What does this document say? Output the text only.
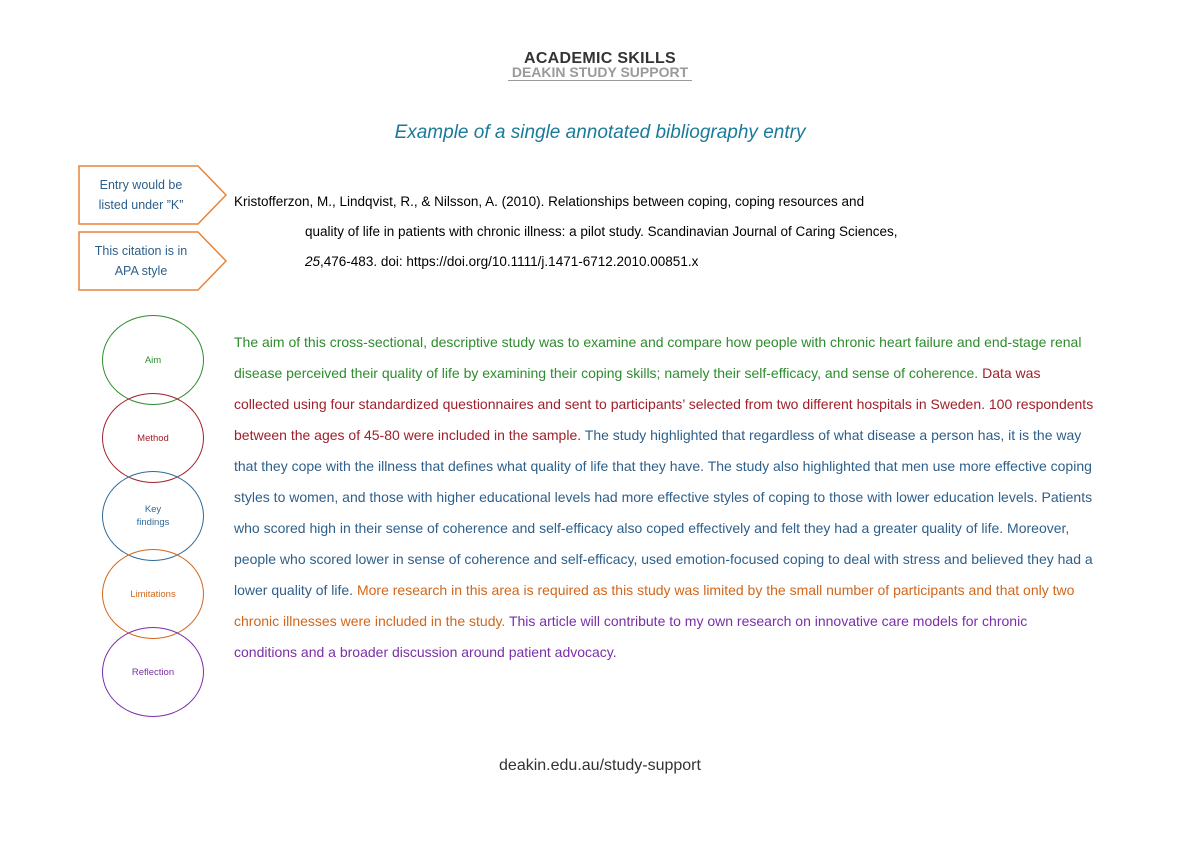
ACADEMIC SKILLS
DEAKIN STUDY SUPPORT
Example of a single annotated bibliography entry
Entry would be
listed under ”K”
This citation is in
APA style
Kristofferzon, M., Lindqvist, R., & Nilsson, A. (2010). Relationships between coping, coping resources and
quality of life in patients with chronic illness: a pilot study. Scandinavian Journal of Caring Sciences,
25,476-483. doi: https://doi.org/10.1111/j.1471-6712.2010.00851.x
Aim
Method
Key
findings
Limitations
Reflection
The aim of this cross-sectional, descriptive study was to examine and compare how people with chronic heart failure and end-stage renal disease perceived their quality of life by examining their coping skills; namely their self-efficacy, and sense of coherence. Data was collected using four standardized questionnaires and sent to participants’ selected from two different hospitals in Sweden. 100 respondents between the ages of 45-80 were included in the sample. The study highlighted that regardless of what disease a person has, it is the way that they cope with the illness that defines what quality of life that they have. The study also highlighted that men use more effective coping styles to women, and those with higher educational levels had more effective styles of coping to those with lower education levels. Patients who scored high in their sense of coherence and self-efficacy also coped effectively and felt they had a greater quality of life. Moreover, people who scored lower in sense of coherence and self-efficacy, used emotion-focused coping to deal with stress and believed they had a lower quality of life. More research in this area is required as this study was limited by the small number of participants and that only two chronic illnesses were included in the study. This article will contribute to my own research on innovative care models for chronic conditions and a broader discussion around patient advocacy.
deakin.edu.au/study-support
